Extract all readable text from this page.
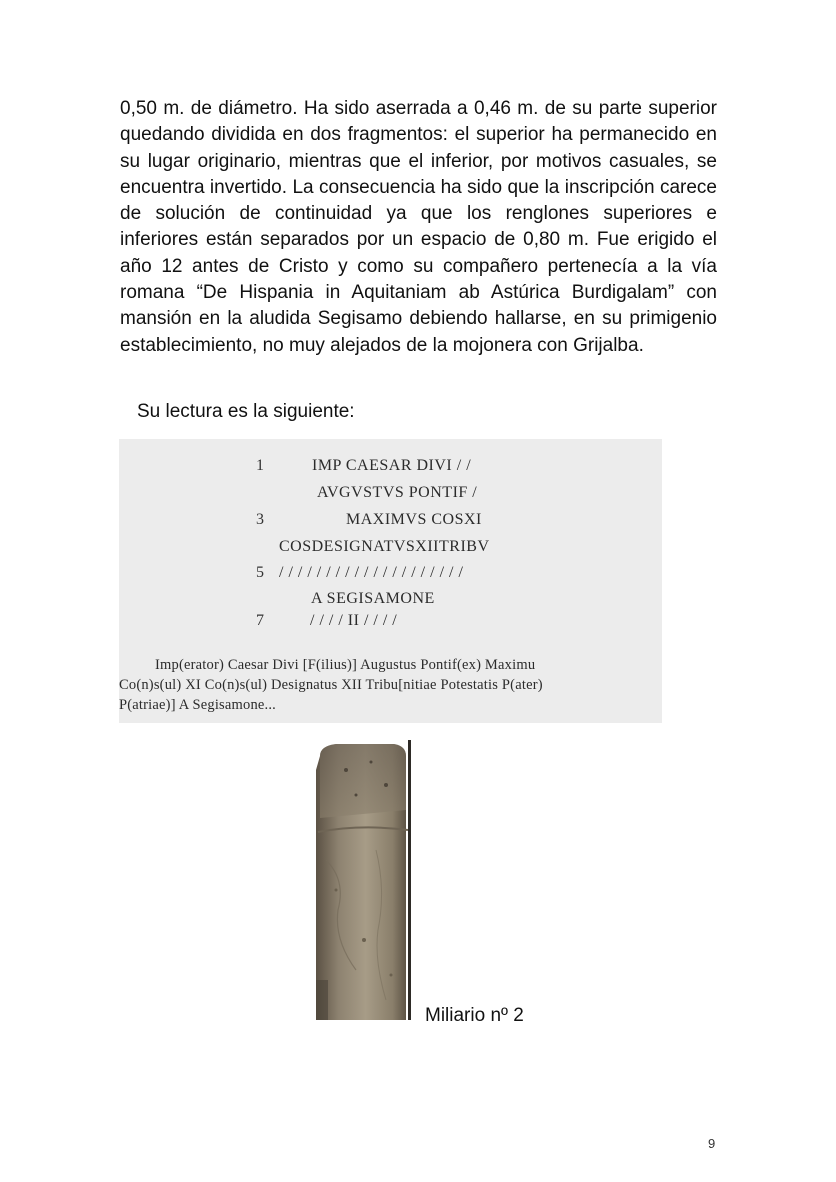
0,50 m. de diámetro. Ha sido aserrada a 0,46 m. de su parte superior quedando dividida en dos fragmentos: el superior ha permanecido en su lugar originario, mientras que el inferior, por motivos casuales, se encuentra invertido. La consecuencia ha sido que la inscripción carece de solución de continuidad ya que los renglones superiores e inferiores están separados por un espacio de 0,80 m. Fue erigido el año 12 antes de Cristo y como su compañero pertenecía a la vía romana “De Hispania in Aquitaniam ab Astúrica Burdigalam” con mansión en la aludida Segisamo debiendo hallarse, en su primigenio establecimiento, no muy alejados de la mojonera con Grijalba.

Su lectura es la siguiente:

1	IMP CAESAR DIVI / /
AVGVSTVS PONTIF /
3	MAXIMVS COSXI
COSDESIGNATVSXIITRIBV
5 / / / / / / / / / / / / / / / / / / / /
A SEGISAMONE
7	/ / / / II / / / /
Imp(erator) Caesar Divi [F(ilius)] Augustus Pontif(ex) Maximu
Co(n)s(ul) XI Co(n)s(ul) Designatus XII Tribu[nitiae Potestatis P(ater)
P(atriae)] A Segisamone...
Miliario nº 2
9
